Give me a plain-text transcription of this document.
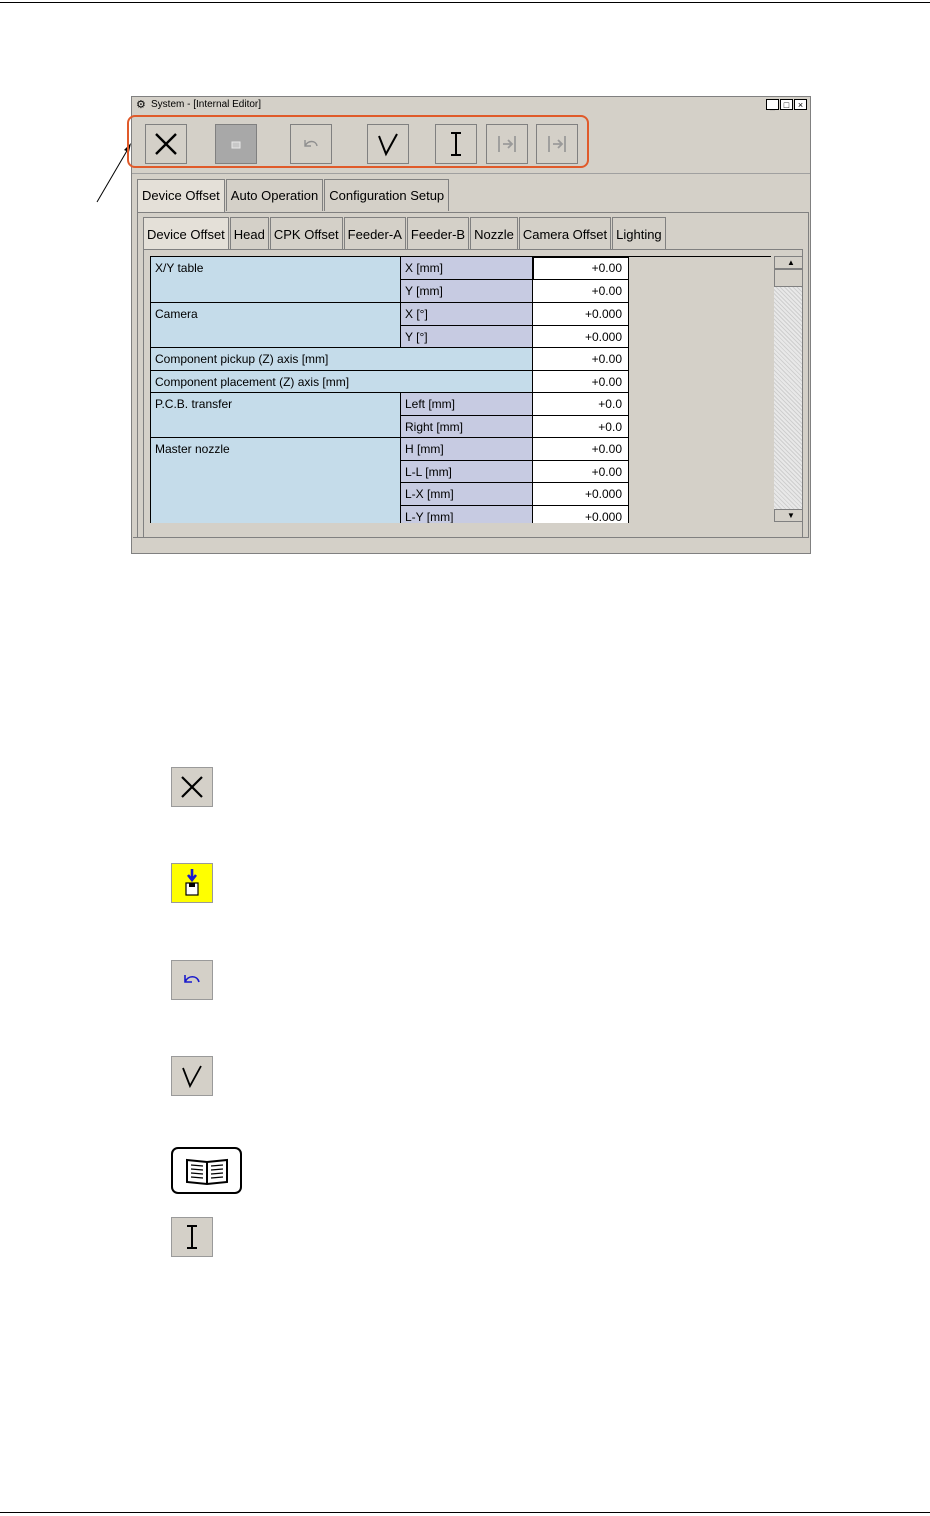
⚙ System - [Internal Editor]	_ □ ×
Device Offset Auto Operation Configuration Setup
Device Offset Head CPK Offset Feeder-A Feeder-B Nozzle Camera Offset Lighting
X/Y table	X [mm]	+0.00
Y [mm]	+0.00
Camera	X [°]	+0.000
Y [°]	+0.000
Component pickup (Z) axis [mm]	+0.00
Component placement (Z) axis [mm]	+0.00
P.C.B. transfer	Left [mm]	+0.0
Right [mm]	+0.0
Master nozzle	H [mm]	+0.00
L-L [mm]	+0.00
L-X [mm]	+0.000
L-Y [mm]	+0.000
▲
▼
